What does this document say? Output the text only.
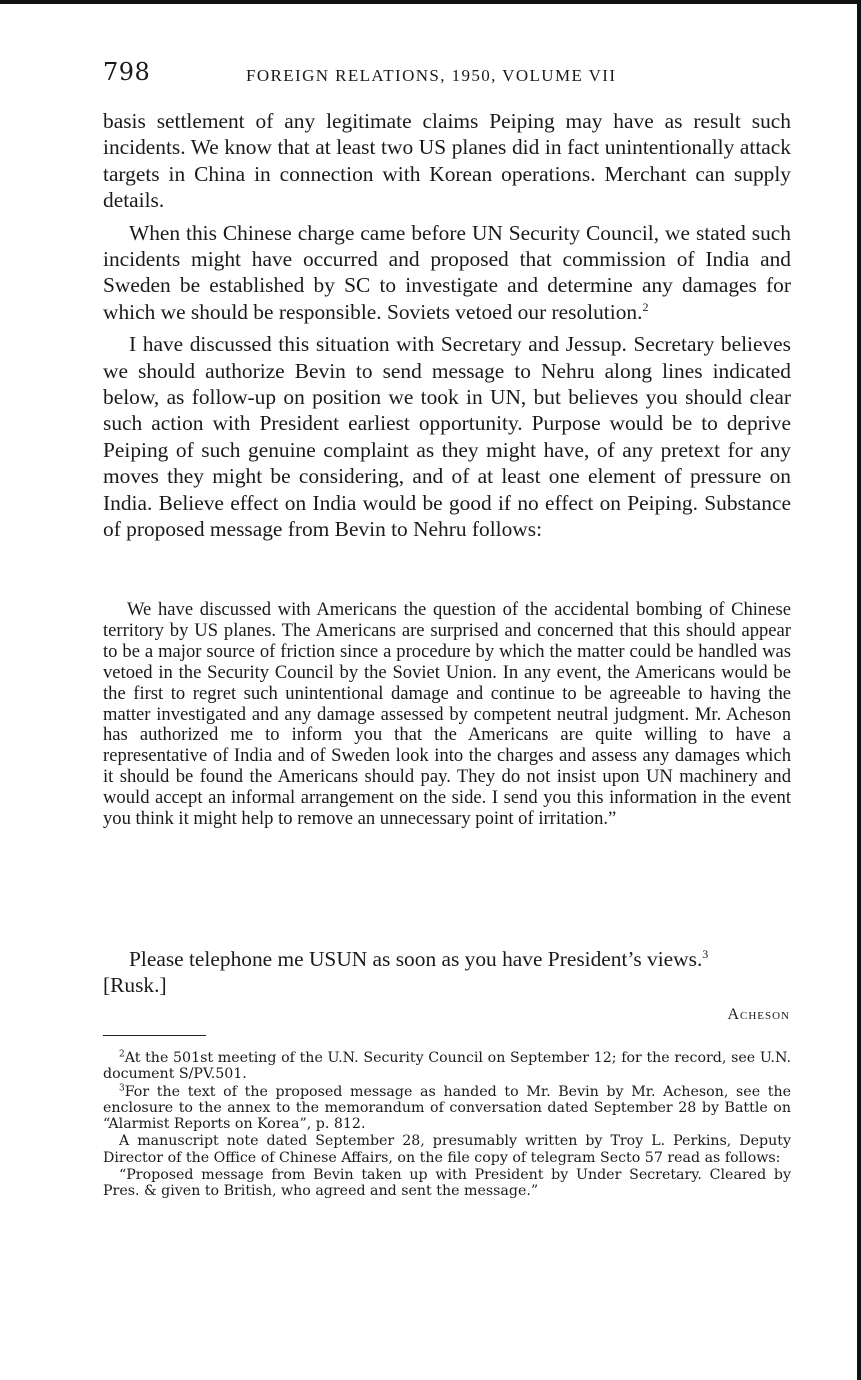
798	FOREIGN RELATIONS, 1950, VOLUME VII

basis settlement of any legitimate claims Peiping may have as result such incidents. We know that at least two US planes did in fact unintentionally attack targets in China in connection with Korean operations. Merchant can supply details.

When this Chinese charge came before UN Security Council, we stated such incidents might have occurred and proposed that commission of India and Sweden be established by SC to investigate and determine any damages for which we should be responsible. Soviets vetoed our resolution.$^2$

I have discussed this situation with Secretary and Jessup. Secretary believes we should authorize Bevin to send message to Nehru along lines indicated below, as follow-up on position we took in UN, but believes you should clear such action with President earliest opportunity. Purpose would be to deprive Peiping of such genuine complaint as they might have, of any pretext for any moves they might be considering, and of at least one element of pressure on India. Believe effect on India would be good if no effect on Peiping. Substance of proposed message from Bevin to Nehru follows:

We have discussed with Americans the question of the accidental bombing of Chinese territory by US planes. The Americans are surprised and concerned that this should appear to be a major source of friction since a procedure by which the matter could be handled was vetoed in the Security Council by the Soviet Union. In any event, the Americans would be the first to regret such unintentional damage and continue to be agreeable to having the matter investigated and any damage assessed by competent neutral judgment. Mr. Acheson has authorized me to inform you that the Americans are quite willing to have a representative of India and of Sweden look into the charges and assess any damages which it should be found the Americans should pay. They do not insist upon UN machinery and would accept an informal arrangement on the side. I send you this information in the event you think it might help to remove an unnecessary point of irritation.”

Please telephone me USUN as soon as you have President’s views.$^3$

[Rusk.]

Acheson

$^2$At the 501st meeting of the U.N. Security Council on September 12; for the record, see U.N. document S/PV.501.

$^3$For the text of the proposed message as handed to Mr. Bevin by Mr. Acheson, see the enclosure to the annex to the memorandum of conversation dated September 28 by Battle on “Alarmist Reports on Korea”, p. 812.

A manuscript note dated September 28, presumably written by Troy L. Perkins, Deputy Director of the Office of Chinese Affairs, on the file copy of telegram Secto 57 read as follows:

“Proposed message from Bevin taken up with President by Under Secretary. Cleared by Pres. & given to British, who agreed and sent the message.”
